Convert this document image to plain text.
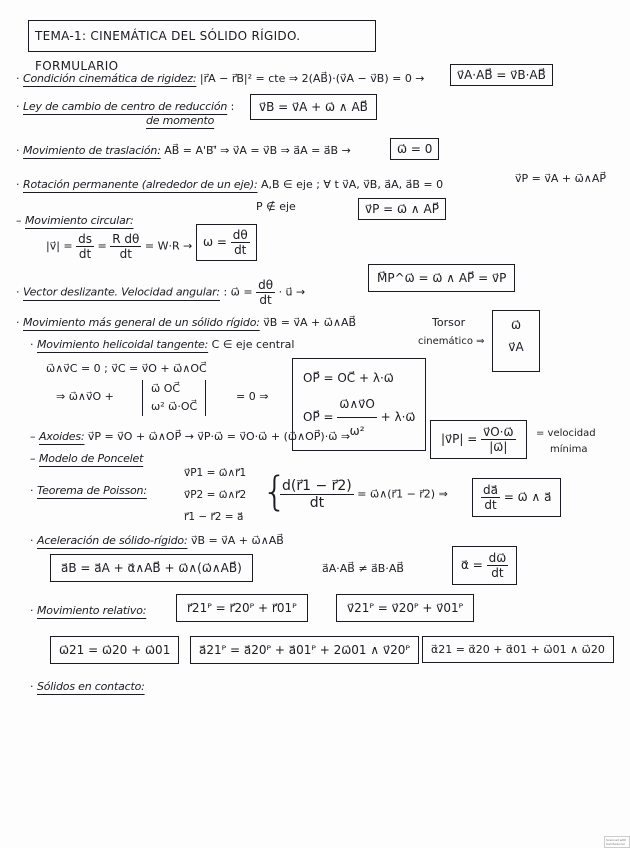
TEMA-1: CINEMÁTICA DEL SÓLIDO RÍGIDO. FORMULARIO
· Condición cinemática de rigidez: |r⃗A − r⃗B|² = cte ⇒ 2(AB⃗)·(v⃗A − v⃗B) = 0 →	v⃗A·AB⃗ = v⃗B·AB⃗
· Ley de cambio de centro de reducción :
de momento
v⃗B = v⃗A + ω⃗ ∧ AB⃗
· Movimiento de traslación: AB⃗ = A'B'⃗ ⇒ v⃗A = v⃗B ⇒ a⃗A = a⃗B →	ω⃗ = 0
· Rotación permanente (alrededor de un eje): A,B ∈ eje ; ∀ t v⃗A, v⃗B, a⃗A, a⃗B = 0	v⃗P = v⃗A + ω⃗∧AP⃗
P ∉ eje	v⃗P = ω⃗ ∧ AP⃗
– Movimiento circular:
|v⃗| = $\frac{ds}{dt} = \frac{\text{R dθ}}{dt} = W\cdot R \to \omega = \frac{d\theta}{dt}$
· Vector deslizante. Velocidad angular: : ω⃗ = $\frac{d\theta}{dt}$ · u⃗ →
M⃗P^ω⃗ = ω⃗ ∧ AP⃗ = v⃗P
· Movimiento más general de un sólido rígido: v⃗B = v⃗A + ω⃗∧AB⃗	Torsor
cinemático ⇒
ω⃗
v⃗A
· Movimiento helicoidal tangente: C ∈ eje central
ω⃗∧v⃗C = 0 ; v⃗C = v⃗O + ω⃗∧OC⃗
⇒ ω⃗∧v⃗O +
ω⃗ OC⃗
ω² ω⃗·OC⃗
= 0 ⇒
OP⃗ = OC⃗ + λ·ω⃗
OP⃗ = $\frac{\omega⃗\wedge v⃗O}{\text{ω²}}$ + λ·ω⃗
– Axoides: v⃗P = v⃗O + ω⃗∧OP⃗ → v⃗P·ω⃗ = v⃗O·ω⃗ + (ω⃗∧OP⃗)·ω⃗ ⇒	|v⃗P| = $\frac{v⃗O\cdot\omega⃗}{|\omega⃗|}$ = velocidad
mínima
– Modelo de Poncelet
· Teorema de Poisson:
v⃗P1 = ω⃗∧r⃗1
v⃗P2 = ω⃗∧r⃗2
r⃗1 − r⃗2 = a⃗
{
$\frac{d(r⃗1 - r⃗2)}{dt}$ = ω⃗∧(r⃗1 − r⃗2) ⇒	$\frac{da⃗}{dt}$ = ω⃗ ∧ a⃗
· Aceleración de sólido-rígido: v⃗B = v⃗A + ω⃗∧AB⃗
a⃗B = a⃗A + α⃗∧AB⃗ + ω⃗∧(ω⃗∧AB⃗)	a⃗A·AB⃗ ≠ a⃗B·AB⃗	α⃗ = $\frac{d\omega⃗}{dt}$
· Movimiento relativo:	r⃗21ᴾ = r⃗20ᴾ + r⃗01ᴾ	v⃗21ᴾ = v⃗20ᴾ + v⃗01ᴾ
ω⃗21 = ω⃗20 + ω⃗01	a⃗21ᴾ = a⃗20ᴾ + a⃗01ᴾ + 2ω⃗01 ∧ v⃗20ᴾ	α⃗21 = α⃗20 + α⃗01 + ω⃗01 ∧ ω⃗20
· Sólidos en contacto:
Scanned with CamScanner
